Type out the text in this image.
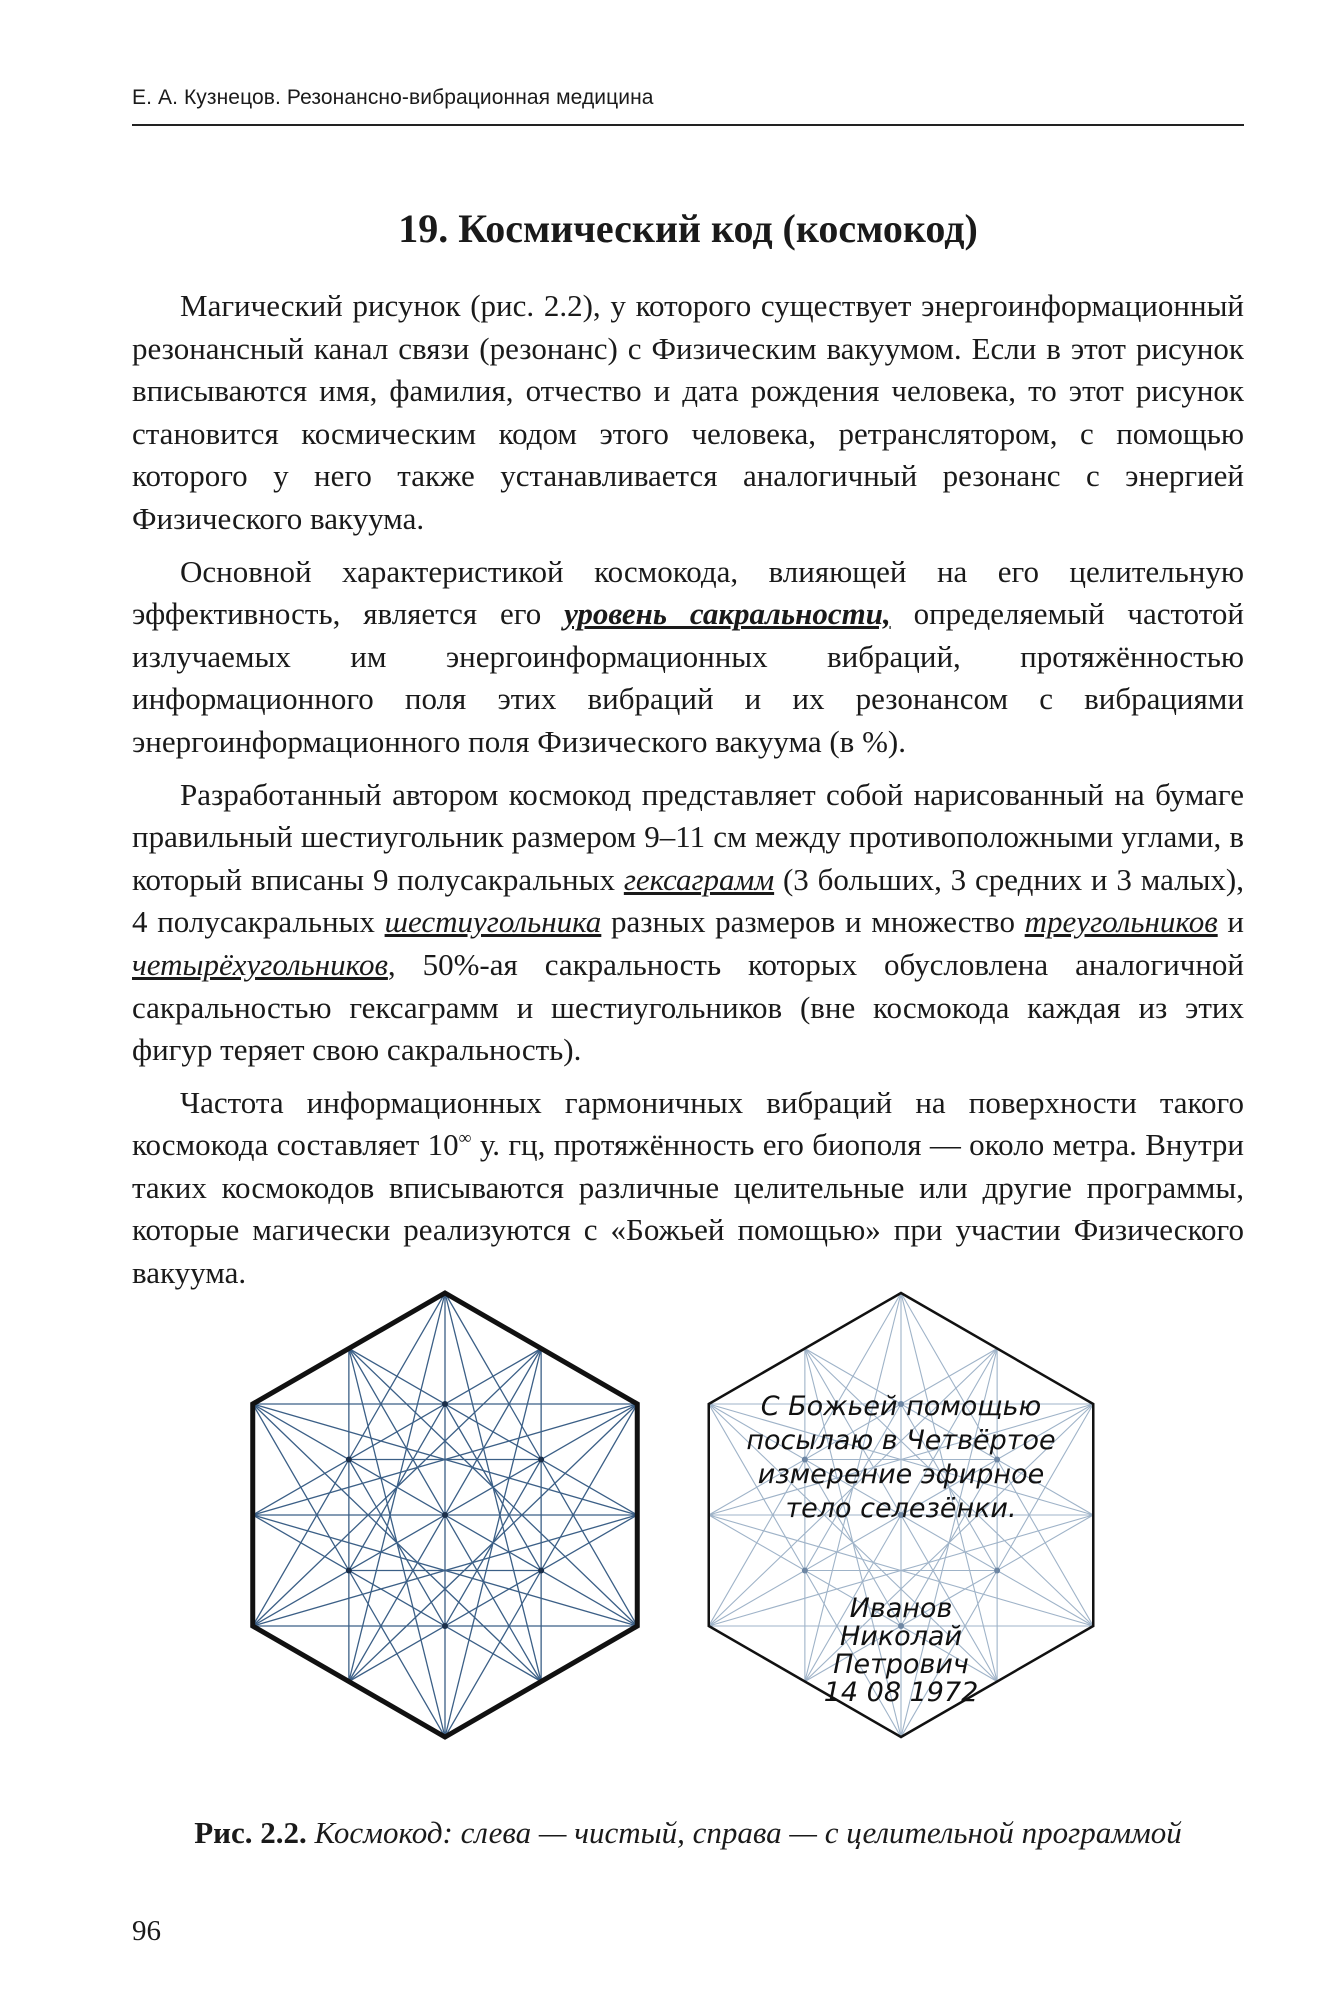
Е. А. Кузнецов. Резонансно-вибрационная медицина
19. Космический код (космокод)

Магический рисунок (рис. 2.2), у которого существует энергоинформационный резонансный канал связи (резонанс) с Физическим вакуумом. Если в этот рисунок вписываются имя, фамилия, отчество и дата рождения человека, то этот рисунок становится космическим кодом этого человека, ретранслятором, с помощью которого у него также устанавливается аналогичный резонанс с энергией Физического вакуума.

Основной характеристикой космокода, влияющей на его целительную эффективность, является его уровень сакральности, определяемый частотой излучаемых им энергоинформационных вибраций, протяжённостью информационного поля этих вибраций и их резонансом с вибрациями энергоинформационного поля Физического вакуума (в %).

Разработанный автором космокод представляет собой нарисованный на бумаге правильный шестиугольник размером 9–11 см между противоположными углами, в который вписаны 9 полусакральных гексаграмм (3 больших, 3 средних и 3 малых), 4 полусакральных шестиугольника разных размеров и множество треугольников и четырёхугольников, 50%-ая сакральность которых обусловлена аналогичной сакральностью гексаграмм и шестиугольников (вне космокода каждая из этих фигур теряет свою сакральность).

Частота информационных гармоничных вибраций на поверхности такого космокода составляет 10∞ у. гц, протяжённость его биополя — около метра. Внутри таких космокодов вписываются различные целительные или другие программы, которые магически реализуются с «Божьей помощью» при участии Физического вакуума.

С Божьей помощью
посылаю в Четвёртое
измерение эфирное
тело селезёнки.
Иванов
Николай
Петрович
14 08 1972
Рис. 2.2. Космокод: слева — чистый, справа — с целительной программой
96
